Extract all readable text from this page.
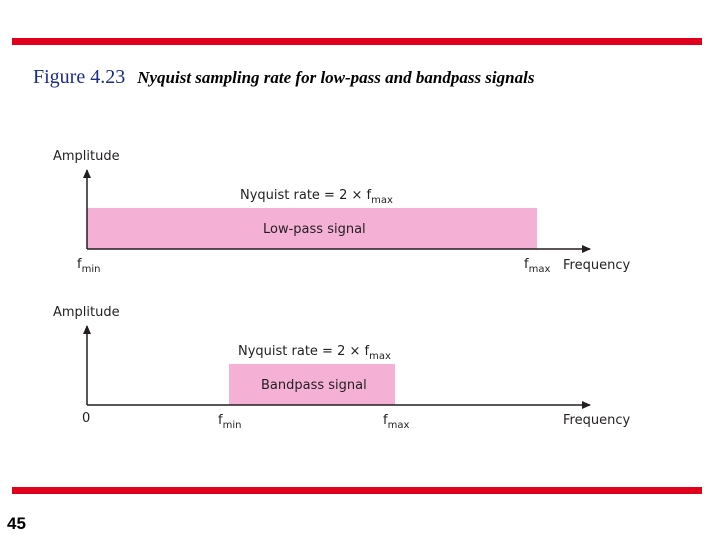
Figure 4.23 Nyquist sampling rate for low-pass and bandpass signals
Amplitude
Nyquist rate = $2 \times f_{max}$
Low-pass signal
$f_{min}$	$f_{max}$ Frequency
Amplitude
Nyquist rate = $2 \times f_{max}$
Bandpass signal
0	$f_{min}$	$f_{max}$	Frequency
45
